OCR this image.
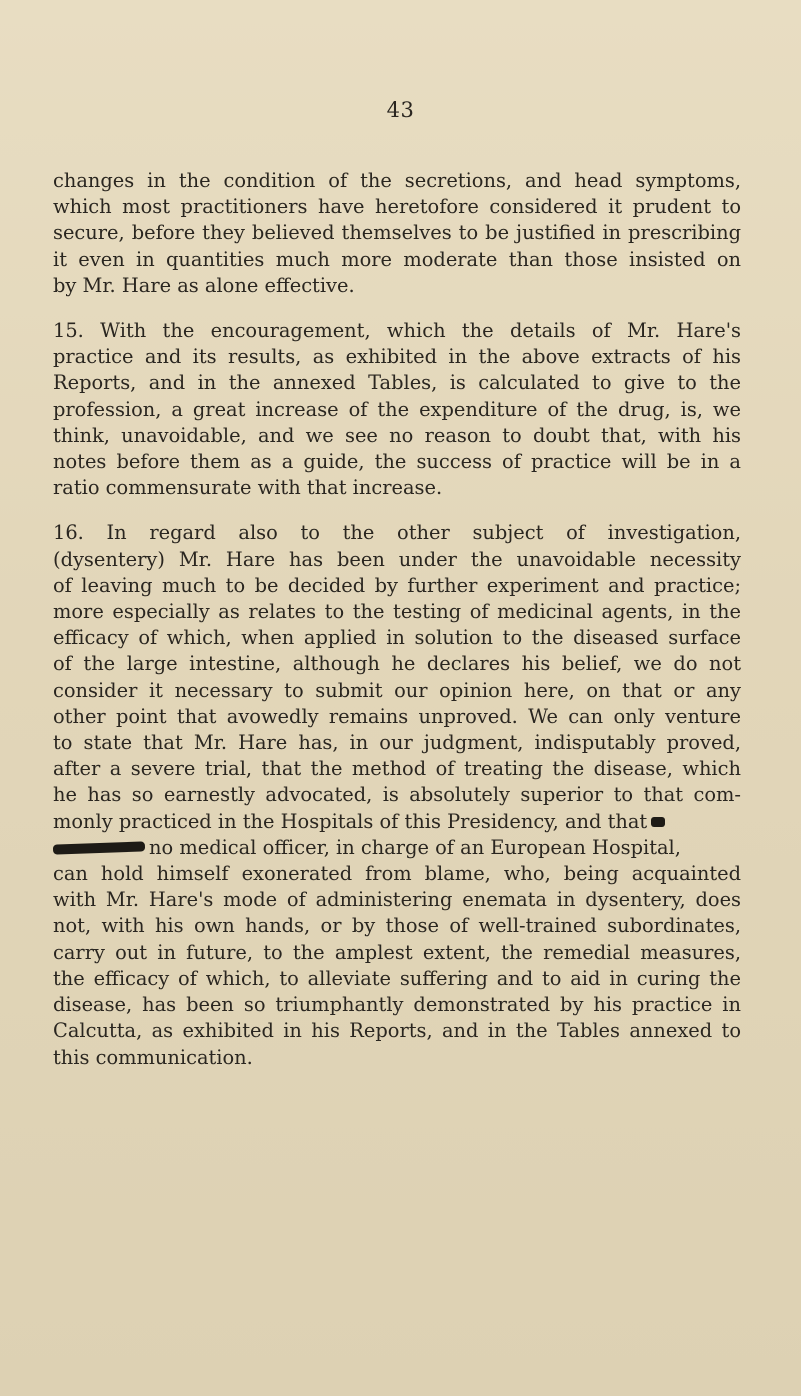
43
changes in the condition of the secretions, and head symptoms,
which most practitioners have heretofore considered it prudent to
secure, before they believed themselves to be justified in prescribing
it even in quantities much more moderate than those insisted on
by Mr. Hare as alone effective.
15. With the encouragement, which the details of Mr. Hare's
practice and its results, as exhibited in the above extracts of his
Reports, and in the annexed Tables, is calculated to give to the
profession, a great increase of the expenditure of the drug, is, we
think, unavoidable, and we see no reason to doubt that, with his
notes before them as a guide, the success of practice will be in a
ratio commensurate with that increase.
16. In regard also to the other subject of investigation,
(dysentery) Mr. Hare has been under the unavoidable necessity
of leaving much to be decided by further experiment and practice;
more especially as relates to the testing of medicinal agents, in the
efficacy of which, when applied in solution to the diseased surface
of the large intestine, although he declares his belief, we do not
consider it necessary to submit our opinion here, on that or any
other point that avowedly remains unproved. We can only venture
to state that Mr. Hare has, in our judgment, indisputably proved,
after a severe trial, that the method of treating the disease, which
he has so earnestly advocated, is absolutely superior to that com-
monly practiced in the Hospitals of this Presidency, and that
no medical officer, in charge of an European Hospital,
can hold himself exonerated from blame, who, being acquainted
with Mr. Hare's mode of administering enemata in dysentery, does
not, with his own hands, or by those of well-trained subordinates,
carry out in future, to the amplest extent, the remedial measures,
the efficacy of which, to alleviate suffering and to aid in curing the
disease, has been so triumphantly demonstrated by his practice in
Calcutta, as exhibited in his Reports, and in the Tables annexed to
this communication.
